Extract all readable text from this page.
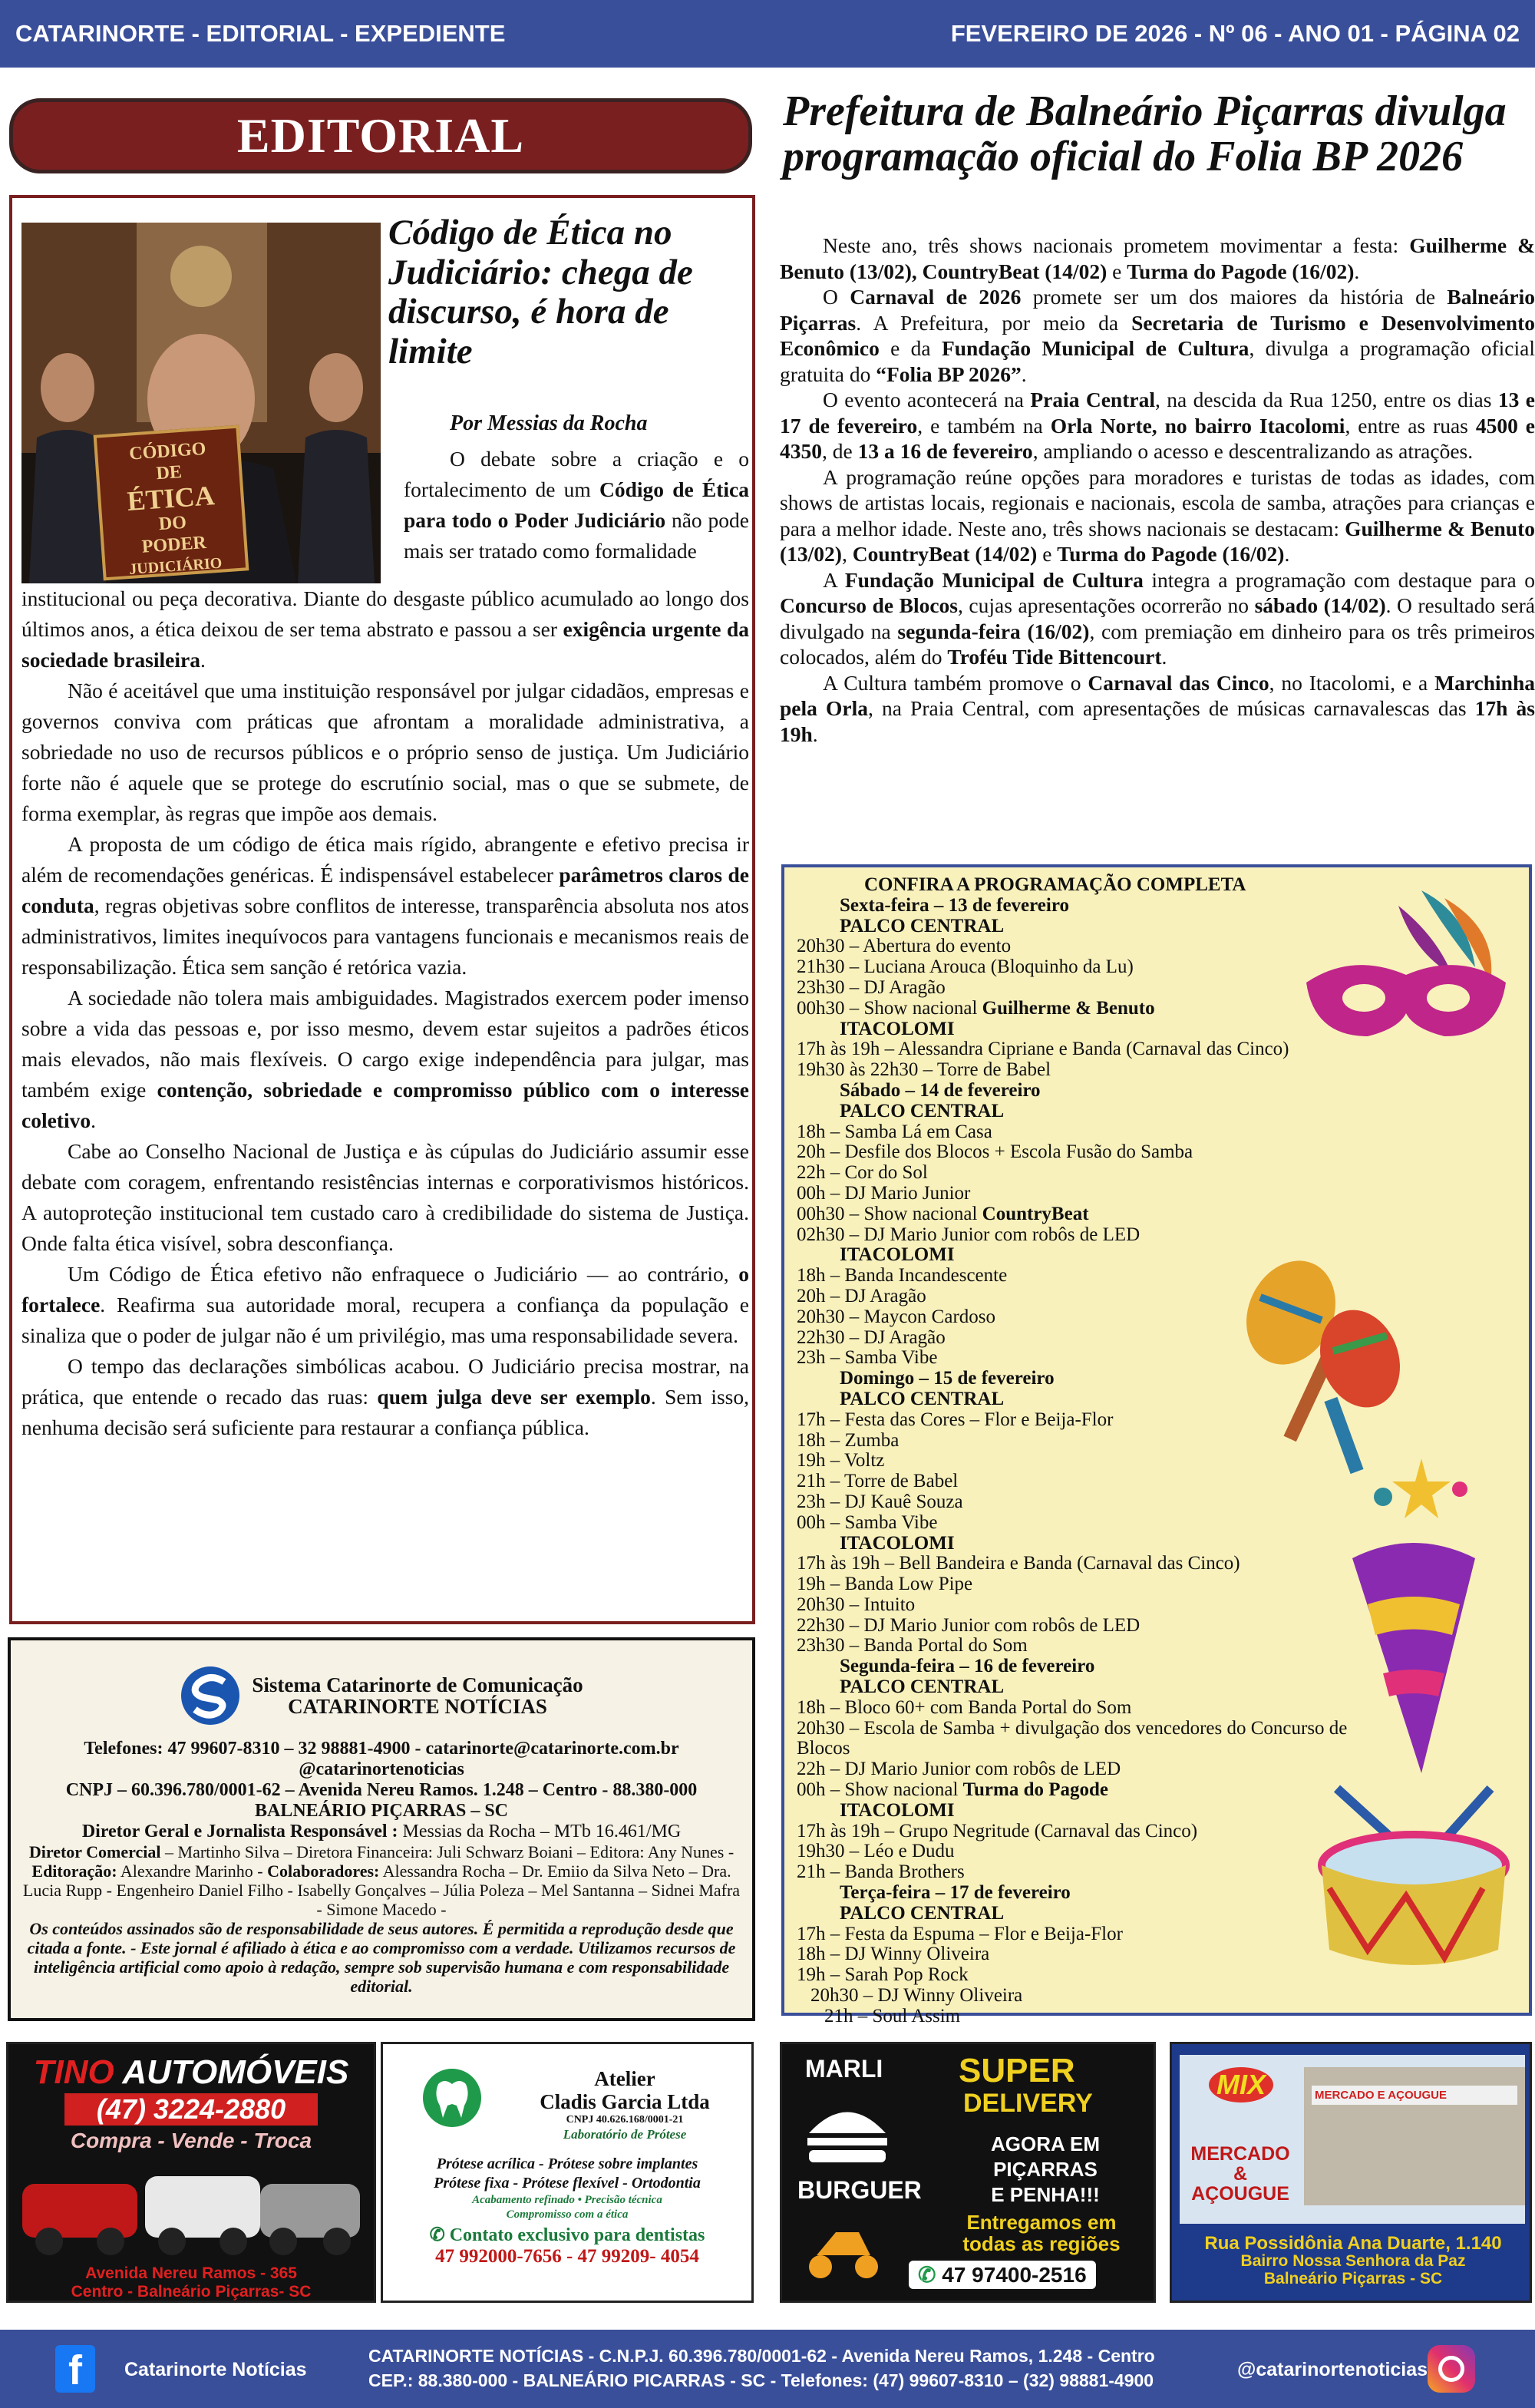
CATARINORTE - EDITORIAL - EXPEDIENTE	FEVEREIRO DE 2026 - Nº 06 - ANO 01 - PÁGINA 02
EDITORIAL
CÓDIGO
DE
ÉTICA
DO
PODER
JUDICIÁRIO
Código de Ética no Judiciário: chega de discurso, é hora de limite
Por Messias da Rocha
O debate sobre a criação e o fortalecimento de um Código de Ética para todo o Poder Judiciário não pode mais ser tratado como formalidade

institucional ou peça decorativa. Diante do desgaste público acumulado ao longo dos últimos anos, a ética deixou de ser tema abstrato e passou a ser exigência urgente da sociedade brasileira.

Não é aceitável que uma instituição responsável por julgar cidadãos, empresas e governos conviva com práticas que afrontam a moralidade administrativa, a sobriedade no uso de recursos públicos e o próprio senso de justiça. Um Judiciário forte não é aquele que se protege do escrutínio social, mas o que se submete, de forma exemplar, às regras que impõe aos demais.

A proposta de um código de ética mais rígido, abrangente e efetivo precisa ir além de recomendações genéricas. É indispensável estabelecer parâmetros claros de conduta, regras objetivas sobre conflitos de interesse, transparência absoluta nos atos administrativos, limites inequívocos para vantagens funcionais e mecanismos reais de responsabilização. Ética sem sanção é retórica vazia.

A sociedade não tolera mais ambiguidades. Magistrados exercem poder imenso sobre a vida das pessoas e, por isso mesmo, devem estar sujeitos a padrões éticos mais elevados, não mais flexíveis. O cargo exige independência para julgar, mas também exige contenção, sobriedade e compromisso público com o interesse coletivo.

Cabe ao Conselho Nacional de Justiça e às cúpulas do Judiciário assumir esse debate com coragem, enfrentando resistências internas e corporativismos históricos. A autoproteção institucional tem custado caro à credibilidade do sistema de Justiça. Onde falta ética visível, sobra desconfiança.

Um Código de Ética efetivo não enfraquece o Judiciário — ao contrário, o fortalece. Reafirma sua autoridade moral, recupera a confiança da população e sinaliza que o poder de julgar não é um privilégio, mas uma responsabilidade severa.

O tempo das declarações simbólicas acabou. O Judiciário precisa mostrar, na prática, que entende o recado das ruas: quem julga deve ser exemplo. Sem isso, nenhuma decisão será suficiente para restaurar a confiança pública.

Prefeitura de Balneário Piçarras divulga programação oficial do Folia BP 2026

Neste ano, três shows nacionais prometem movimentar a festa: Guilherme & Benuto (13/02), CountryBeat (14/02) e Turma do Pagode (16/02).

O Carnaval de 2026 promete ser um dos maiores da história de Balneário Piçarras. A Prefeitura, por meio da Secretaria de Turismo e Desenvolvimento Econômico e da Fundação Municipal de Cultura, divulga a programação oficial gratuita do “Folia BP 2026”.

O evento acontecerá na Praia Central, na descida da Rua 1250, entre os dias 13 e 17 de fevereiro, e também na Orla Norte, no bairro Itacolomi, entre as ruas 4500 e 4350, de 13 a 16 de fevereiro, ampliando o acesso e descentralizando as atrações.

A programação reúne opções para moradores e turistas de todas as idades, com shows de artistas locais, regionais e nacionais, escola de samba, atrações para crianças e para a melhor idade. Neste ano, três shows nacionais se destacam: Guilherme & Benuto (13/02), CountryBeat (14/02) e Turma do Pagode (16/02).

A Fundação Municipal de Cultura integra a programação com destaque para o Concurso de Blocos, cujas apresentações ocorrerão no sábado (14/02). O resultado será divulgado na segunda-feira (16/02), com premiação em dinheiro para os três primeiros colocados, além do Troféu Tide Bittencourt.

A Cultura também promove o Carnaval das Cinco, no Itacolomi, e a Marchinha pela Orla, na Praia Central, com apresentações de músicas carnavalescas das 17h às 19h.

CONFIRA A PROGRAMAÇÃO COMPLETA
Sexta-feira – 13 de fevereiro
PALCO CENTRAL
20h30 – Abertura do evento
21h30 – Luciana Arouca (Bloquinho da Lu)
23h30 – DJ Aragão
00h30 – Show nacional Guilherme & Benuto
ITACOLOMI
17h às 19h – Alessandra Cipriane e Banda (Carnaval das Cinco)
19h30 às 22h30 – Torre de Babel
Sábado – 14 de fevereiro
PALCO CENTRAL
18h – Samba Lá em Casa
20h – Desfile dos Blocos + Escola Fusão do Samba
22h – Cor do Sol
00h – DJ Mario Junior
00h30 – Show nacional CountryBeat
02h30 – DJ Mario Junior com robôs de LED
ITACOLOMI
18h – Banda Incandescente
20h – DJ Aragão
20h30 – Maycon Cardoso
22h30 – DJ Aragão
23h – Samba Vibe
Domingo – 15 de fevereiro
PALCO CENTRAL
17h – Festa das Cores – Flor e Beija-Flor
18h – Zumba
19h – Voltz
21h – Torre de Babel
23h – DJ Kauê Souza
00h – Samba Vibe
ITACOLOMI
17h às 19h – Bell Bandeira e Banda (Carnaval das Cinco)
19h – Banda Low Pipe
20h30 – Intuito
22h30 – DJ Mario Junior com robôs de LED
23h30 – Banda Portal do Som
Segunda-feira – 16 de fevereiro
PALCO CENTRAL
18h – Bloco 60+ com Banda Portal do Som
20h30 – Escola de Samba + divulgação dos vencedores do Concurso de Blocos
22h – DJ Mario Junior com robôs de LED
00h – Show nacional Turma do Pagode
ITACOLOMI
17h às 19h – Grupo Negritude (Carnaval das Cinco)
19h30 – Léo e Dudu
21h – Banda Brothers
Terça-feira – 17 de fevereiro
PALCO CENTRAL
17h – Festa da Espuma – Flor e Beija-Flor
18h – DJ Winny Oliveira
19h – Sarah Pop Rock
20h30 – DJ Winny Oliveira
21h – Soul Assim
Sistema Catarinorte de Comunicação
CATARINORTE NOTÍCIAS
Telefones: 47 99607-8310 – 32 98881-4900 - catarinorte@catarinorte.com.br
@catarinortenoticias
CNPJ – 60.396.780/0001-62 – Avenida Nereu Ramos. 1.248 – Centro - 88.380-000 BALNEÁRIO PIÇARRAS – SC
Diretor Geral e Jornalista Responsável : Messias da Rocha – MTb 16.461/MG
Diretor Comercial – Martinho Silva – Diretora Financeira: Juli Schwarz Boiani – Editora: Any Nunes - Editoração: Alexandre Marinho - Colaboradores: Alessandra Rocha – Dr. Emiio da Silva Neto – Dra. Lucia Rupp - Engenheiro Daniel Filho - Isabelly Gonçalves – Júlia Poleza – Mel Santanna – Sidnei Mafra - Simone Macedo -
Os conteúdos assinados são de responsabilidade de seus autores. É permitida a reprodução desde que citada a fonte. - Este jornal é afiliado à ética e ao compromisso com a verdade. Utilizamos recursos de inteligência artificial como apoio à redação, sempre sob supervisão humana e com responsabilidade editorial.
TINO AUTOMÓVEIS
(47) 3224-2880
Compra - Vende - Troca
Avenida Nereu Ramos - 365
Centro - Balneário Piçarras- SC
Atelier
Cladis Garcia Ltda
CNPJ 40.626.168/0001-21
Laboratório de Prótese
Prótese acrílica - Prótese sobre implantes
Prótese fixa - Prótese flexível - Ortodontia
Acabamento refinado • Precisão técnica
Compromisso com a ética
✆ Contato exclusivo para dentistas
47 992000-7656 - 47 99209- 4054
MARLI
BURGUER
SUPER
DELIVERY
AGORA EM
PIÇARRAS
E PENHA!!!
Entregamos em
todas as regiões
✆ 47 97400-2516
MERCADO E AÇOUGUE
MIX
MERCADO
&
AÇOUGUE
Rua Possidônia Ana Duarte, 1.140
Bairro Nossa Senhora da Paz
Balneário Piçarras - SC
f	Catarinorte Notícias
CATARINORTE NOTÍCIAS - C.N.P.J. 60.396.780/0001-62 - Avenida Nereu Ramos, 1.248 - Centro
CEP.: 88.380-000 - BALNEÁRIO PICARRAS - SC - Telefones: (47) 99607-8310 – (32) 98881-4900	@catarinortenoticias
